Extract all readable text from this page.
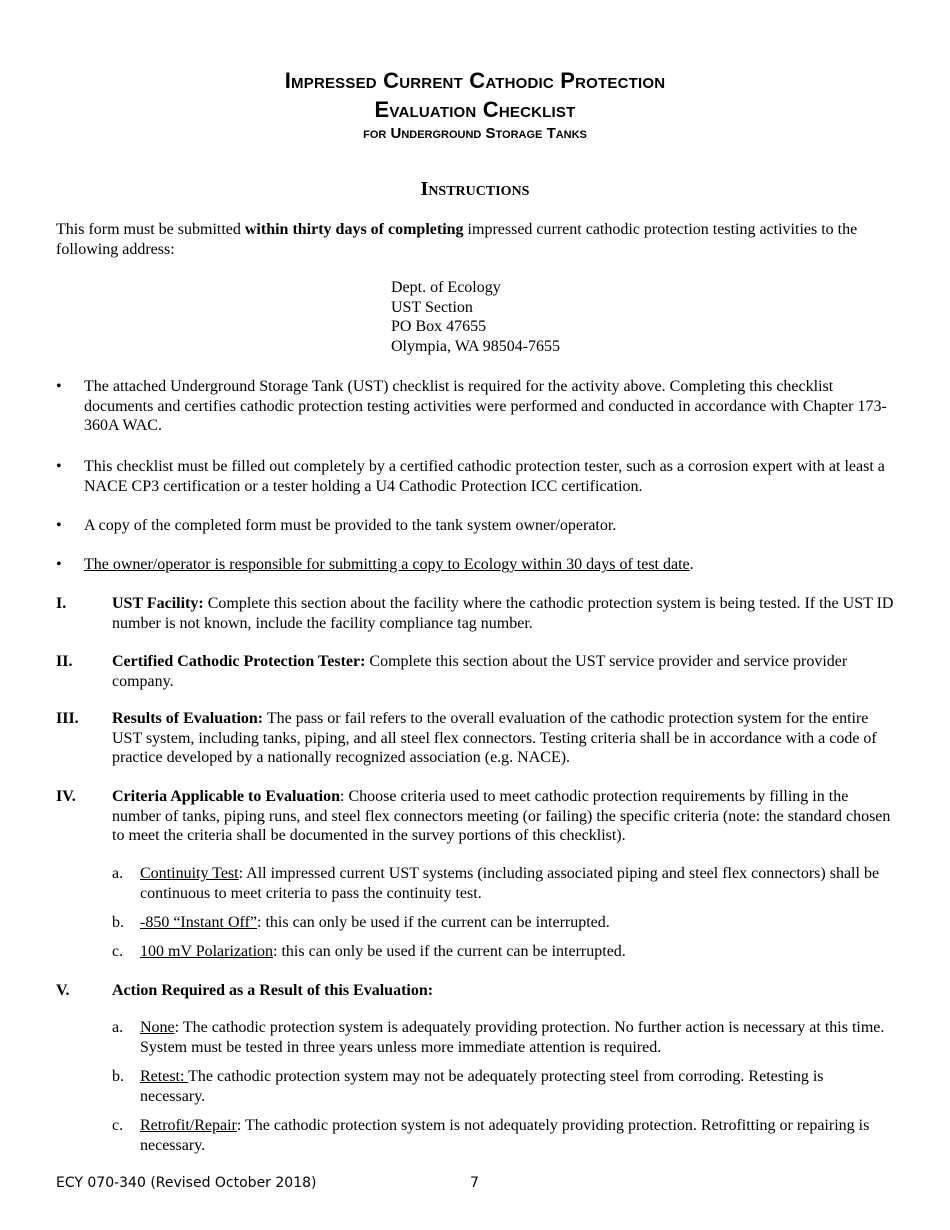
Impressed Current Cathodic Protection
Evaluation Checklist
for Underground Storage Tanks
Instructions
This form must be submitted within thirty days of completing impressed current cathodic protection testing activities to the following address:
Dept. of Ecology
UST Section
PO Box 47655
Olympia, WA 98504-7655
•	The attached Underground Storage Tank (UST) checklist is required for the activity above. Completing this checklist documents and certifies cathodic protection testing activities were performed and conducted in accordance with Chapter 173-360A WAC.
•	This checklist must be filled out completely by a certified cathodic protection tester, such as a corrosion expert with at least a NACE CP3 certification or a tester holding a U4 Cathodic Protection ICC certification.
•	A copy of the completed form must be provided to the tank system owner/operator.
•	The owner/operator is responsible for submitting a copy to Ecology within 30 days of test date.
I.	UST Facility: Complete this section about the facility where the cathodic protection system is being tested. If the UST ID number is not known, include the facility compliance tag number.
II. Certified Cathodic Protection Tester: Complete this section about the UST service provider and service provider company.
III. Results of Evaluation: The pass or fail refers to the overall evaluation of the cathodic protection system for the entire UST system, including tanks, piping, and all steel flex connectors. Testing criteria shall be in accordance with a code of practice developed by a nationally recognized association (e.g. NACE).
IV. Criteria Applicable to Evaluation: Choose criteria used to meet cathodic protection requirements by filling in the number of tanks, piping runs, and steel flex connectors meeting (or failing) the specific criteria (note: the standard chosen to meet the criteria shall be documented in the survey portions of this checklist).
a. Continuity Test: All impressed current UST systems (including associated piping and steel flex connectors) shall be continuous to meet criteria to pass the continuity test.
b. -850 “Instant Off”: this can only be used if the current can be interrupted.
c. 100 mV Polarization: this can only be used if the current can be interrupted.
V.	Action Required as a Result of this Evaluation:
a. None: The cathodic protection system is adequately providing protection. No further action is necessary at this time. System must be tested in three years unless more immediate attention is required.
b. Retest: The cathodic protection system may not be adequately protecting steel from corroding. Retesting is necessary.
c. Retrofit/Repair: The cathodic protection system is not adequately providing protection. Retrofitting or repairing is necessary.
ECY 070-340 (Revised October 2018)	7
